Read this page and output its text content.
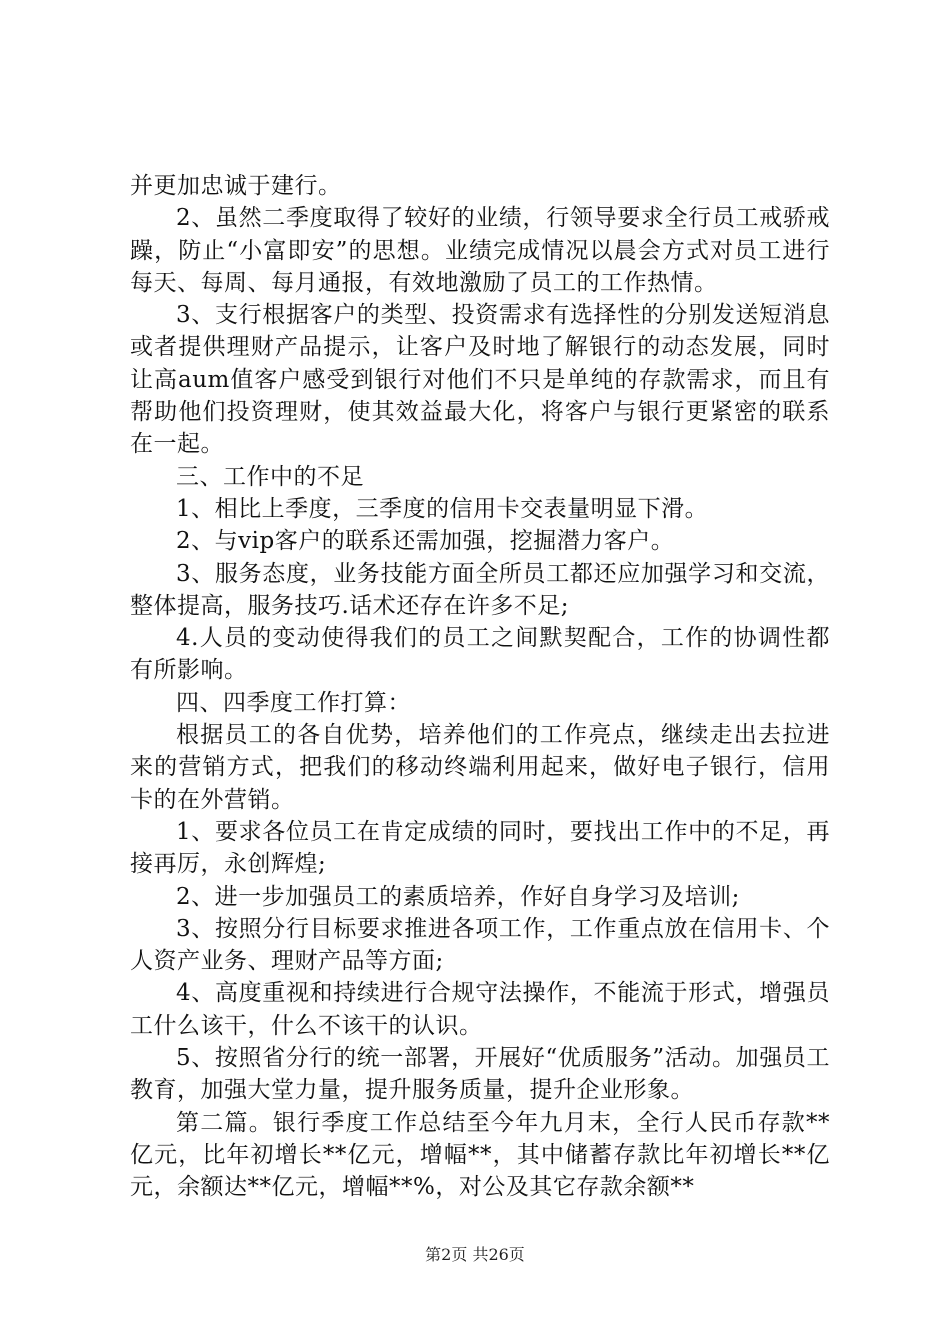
并更加忠诚于建行。

2、虽然二季度取得了较好的业绩，行领导要求全行员工戒骄戒躁，防止“小富即安”的思想。业绩完成情况以晨会方式对员工进行每天、每周、每月通报，有效地激励了员工的工作热情。

3、支行根据客户的类型、投资需求有选择性的分别发送短消息或者提供理财产品提示，让客户及时地了解银行的动态发展，同时让高aum值客户感受到银行对他们不只是单纯的存款需求，而且有帮助他们投资理财，使其效益最大化，将客户与银行更紧密的联系在一起。

三、工作中的不足

1、相比上季度，三季度的信用卡交表量明显下滑。

2、与vip客户的联系还需加强，挖掘潜力客户。

3、服务态度，业务技能方面全所员工都还应加强学习和交流，整体提高，服务技巧.话术还存在许多不足;

4.人员的变动使得我们的员工之间默契配合，工作的协调性都有所影响。

四、四季度工作打算：

根据员工的各自优势，培养他们的工作亮点，继续走出去拉进来的营销方式，把我们的移动终端利用起来，做好电子银行，信用卡的在外营销。

1、要求各位员工在肯定成绩的同时，要找出工作中的不足，再接再厉，永创辉煌;

2、进一步加强员工的素质培养，作好自身学习及培训;

3、按照分行目标要求推进各项工作，工作重点放在信用卡、个人资产业务、理财产品等方面;

4、高度重视和持续进行合规守法操作，不能流于形式，增强员工什么该干，什么不该干的认识。

5、按照省分行的统一部署，开展好“优质服务”活动。加强员工教育，加强大堂力量，提升服务质量，提升企业形象。

第二篇。银行季度工作总结至今年九月末，全行人民币存款**亿元，比年初增长**亿元，增幅**，其中储蓄存款比年初增长**亿元，余额达**亿元，增幅**%，对公及其它存款余额**

第2页 共26页
